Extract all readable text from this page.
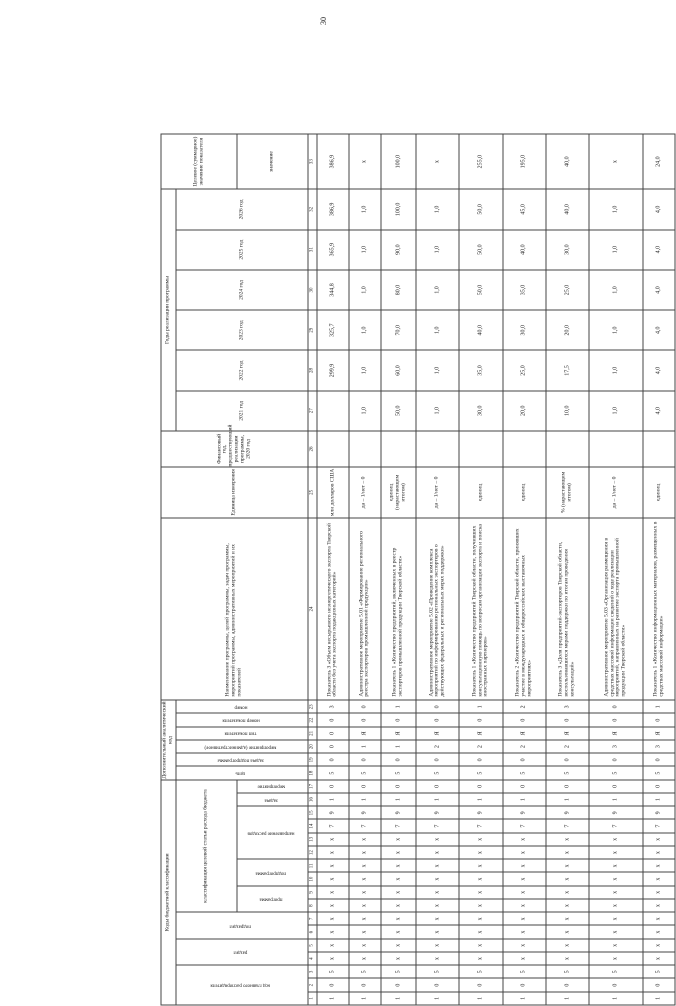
30
Коды бюджетной классификации																	Дополнительный аналитический код						Наименование программы, целей программы, задач программы, мероприятий программы, административных мероприятий и их показателей	Единица измерения	Финансовый год, предшествующий реализации программы, 2020 год	Годы реализации программы						Целевое (суммарное) значение показателя
код главного распорядителя			раздел		подраздел		классификация целевой статьи расхода бюджета										цель	задача подпрограммы	мероприятие (административное)	тип показателя	номер показателя	номер				2021 год	2022 год	2023 год	2024 год	2025 год	2026 год	
							программа		подпрограмма		направление расходов				задача	мероприятие																значение
1	2	3	4	5	6	7	8	9	10	11	12	13	14	15	16	17	18	19	20	21	22	23	24	25	26	27	28	29	30	31	32	33
1	0	5	х	х	х	х	х	х	х	х	х	х	7	9	1	0	5	0	0	0	0	3	Показатель 3 «Объем несырьевого неэнергетического экспорта Тверской области без учета экспорта подакцизных категорий»	млн долларов США			299,9	325,7	344,8	365,9	386,9	386,9
1	0	5	х	х	х	х	х	х	х	х	х	х	7	9	1	0	5	0	1	Я	0	0	Административное мероприятие 5.01 «Формирование регионального реестра экспортеров промышленной продукции»	да – 1/нет – 0		1,0	1,0	1,0	1,0	1,0	1,0	х
1	0	5	х	х	х	х	х	х	х	х	х	х	7	9	1	0	5	0	1	Я	0	1	Показатель 1 «Количество предприятий, включенных в реестр экспортеров промышленной продукции Тверской области»	единиц (нарастающим итогом)		50,0	60,0	70,0	80,0	90,0	100,0	100,0
1	0	5	х	х	х	х	х	х	х	х	х	х	7	9	1	0	5	0	2	Я	0	0	Административное мероприятие 5.02 «Проведение комплекса мероприятий по информированию региональных экспортеров о действующих федеральных и региональных мерах поддержки»	да – 1/нет – 0		1,0	1,0	1,0	1,0	1,0	1,0	х
1	0	5	х	х	х	х	х	х	х	х	х	х	7	9	1	0	5	0	2	Я	0	1	Показатель 1 «Количество предприятий Тверской области, получивших консультационную помощь по вопросам организации экспорта и поиска иностранных партнеров»	единиц		30,0	35,0	40,0	50,0	50,0	50,0	255,0
1	0	5	х	х	х	х	х	х	х	х	х	х	7	9	1	0	5	0	2	Я	0	2	Показатель 2 «Количество предприятий Тверской области, принявших участие в международных и общероссийских выставочных мероприятиях»	единиц		20,0	25,0	30,0	35,0	40,0	45,0	195,0
1	0	5	х	х	х	х	х	х	х	х	х	х	7	9	1	0	5	0	2	Я	0	3	Показатель 3 «Доля предприятий-экспортеров Тверской области, воспользовавшихся мерами поддержки по итогам проведения консультаций»	% (нарастающим итогом)		10,0	17,5	20,0	25,0	30,0	40,0	40,0
1	0	5	х	х	х	х	х	х	х	х	х	х	7	9	1	0	5	0	3	Я	0	0	Административное мероприятие 5.03 «Организация размещения в средствах массовой информации сведений о ходе реализации мероприятий, направленных на развитие экспорта промышленной продукции Тверской области»	да – 1/нет – 0		1,0	1,0	1,0	1,0	1,0	1,0	х
1	0	5	х	х	х	х	х	х	х	х	х	х	7	9	1	0	5	0	3	Я	0	1	Показатель 1 «Количество информационных материалов, размещенных в средствах массовой информации»	единиц		4,0	4,0	4,0	4,0	4,0	4,0	24,0
